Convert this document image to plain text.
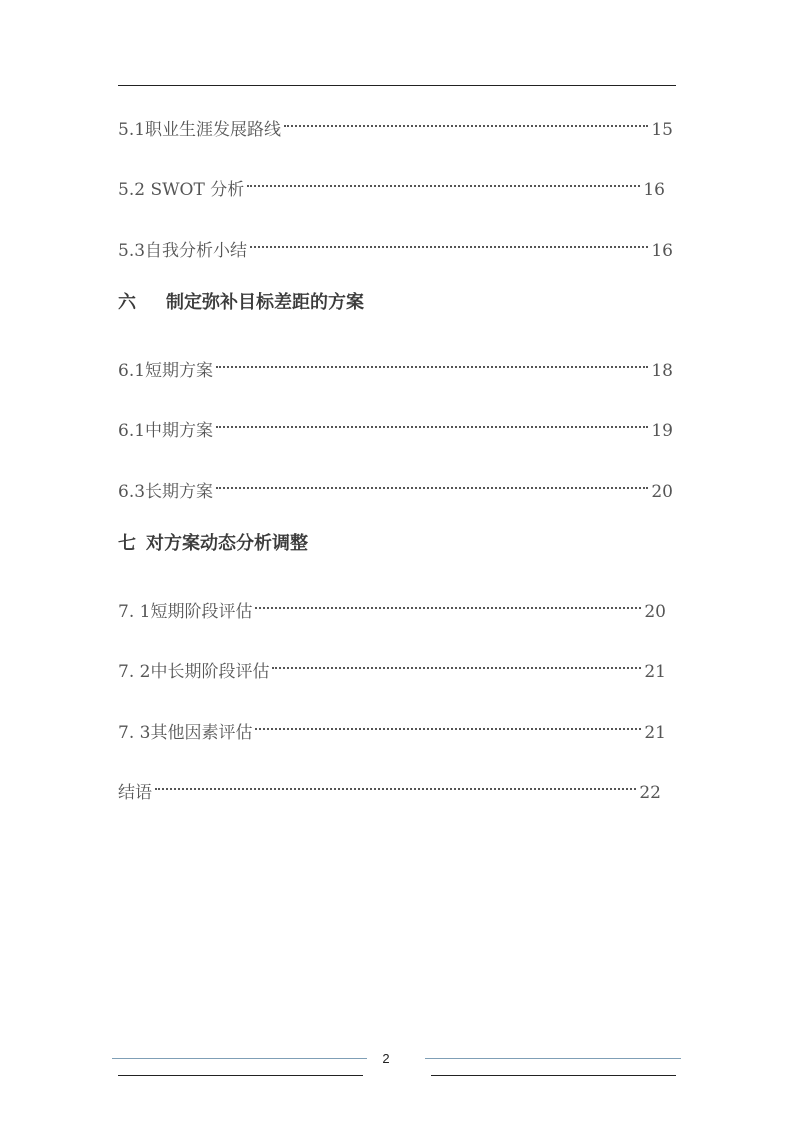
5.1职业生涯发展路线	15
5.2 SWOT 分析	16
5.3自我分析小结	16
六 制定弥补目标差距的方案
6.1短期方案	18
6.1中期方案	19
6.3长期方案	20
七 对方案动态分析调整
7. 1短期阶段评估	20
7. 2中长期阶段评估	21
7. 3其他因素评估	21
结语	22
2
